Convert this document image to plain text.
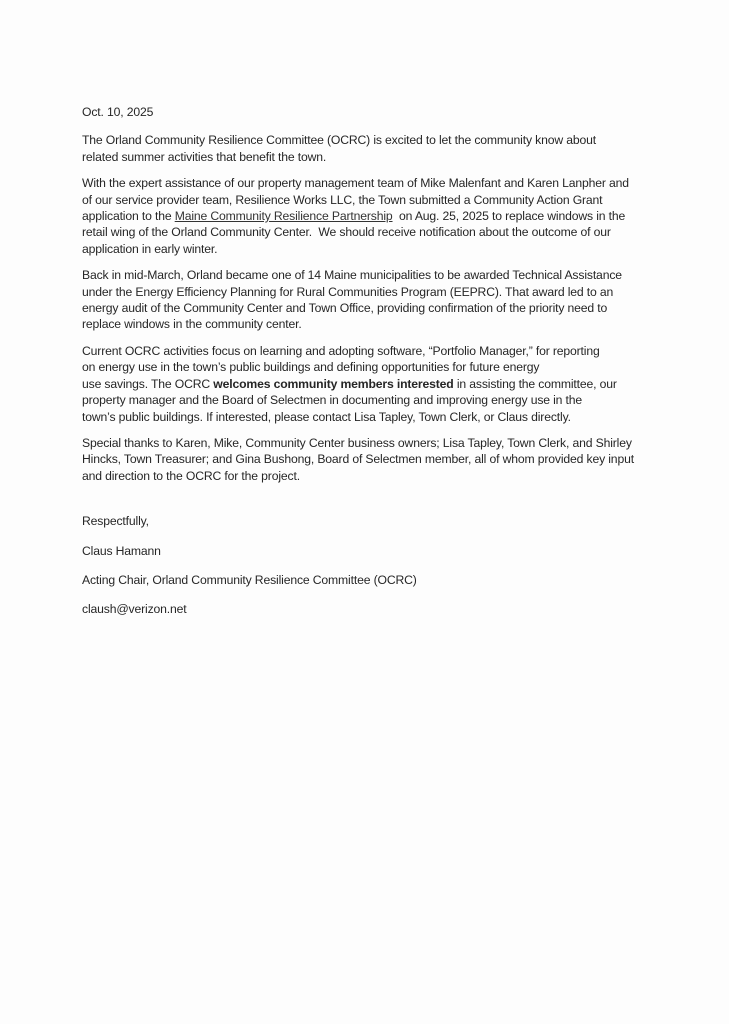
Oct. 10, 2025
The Orland Community Resilience Committee (OCRC) is excited to let the community know about
related summer activities that benefit the town.
With the expert assistance of our property management team of Mike Malenfant and Karen Lanpher and
of our service provider team, Resilience Works LLC, the Town submitted a Community Action Grant
application to the Maine Community Resilience Partnership  on Aug. 25, 2025 to replace windows in the
retail wing of the Orland Community Center.  We should receive notification about the outcome of our
application in early winter.
Back in mid-March, Orland became one of 14 Maine municipalities to be awarded Technical Assistance
under the Energy Efficiency Planning for Rural Communities Program (EEPRC). That award led to an
energy audit of the Community Center and Town Office, providing confirmation of the priority need to
replace windows in the community center.
Current OCRC activities focus on learning and adopting software, “Portfolio Manager,” for reporting
on energy use in the town’s public buildings and defining opportunities for future energy
use savings. The OCRC welcomes community members interested in assisting the committee, our
property manager and the Board of Selectmen in documenting and improving energy use in the
town’s public buildings. If interested, please contact Lisa Tapley, Town Clerk, or Claus directly.
Special thanks to Karen, Mike, Community Center business owners; Lisa Tapley, Town Clerk, and Shirley
Hincks, Town Treasurer; and Gina Bushong, Board of Selectmen member, all of whom provided key input
and direction to the OCRC for the project.
Respectfully,
Claus Hamann
Acting Chair, Orland Community Resilience Committee (OCRC)
claush@verizon.net
